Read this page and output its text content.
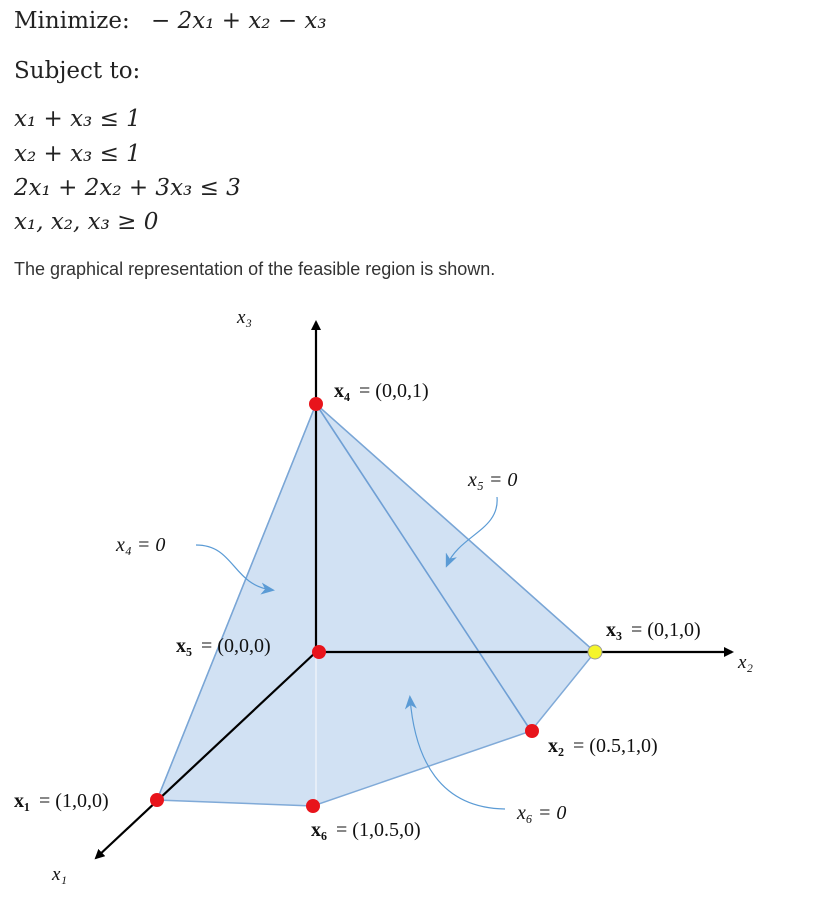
Minimize: − 2x₁ + x₂ − x₃
Subject to:
x₁ + x₃ ≤ 1
x₂ + x₃ ≤ 1
2x₁ + 2x₂ + 3x₃ ≤ 3
x₁, x₂, x₃ ≥ 0
The graphical representation of the feasible region is shown.
x₃
x₂
x₁
x₄ = 0
x₅ = 0
x₆ = 0
x₄ = (0,0,1)
x₅ = (0,0,0)
x₃ = (0,1,0)
x₂ = (0.5,1,0)
x₆ = (1,0.5,0)
x₁ = (1,0,0)
